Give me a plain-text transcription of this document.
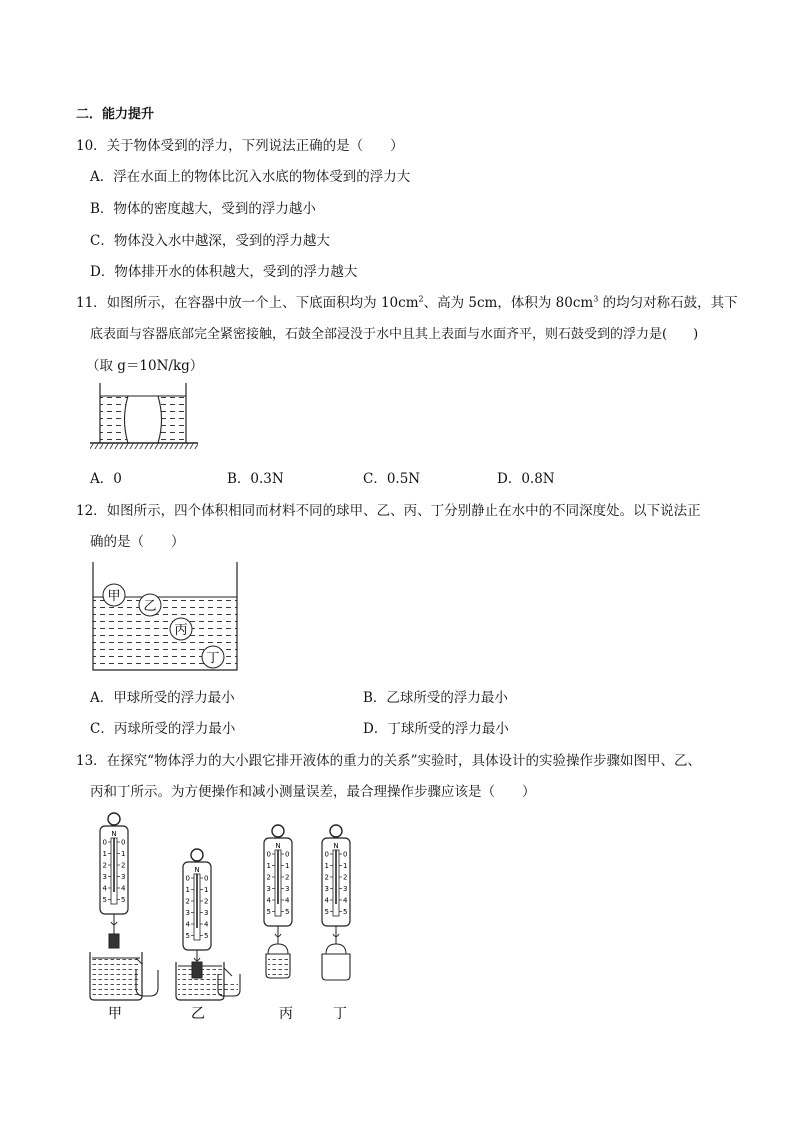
二．能力提升
10．关于物体受到的浮力，下列说法正确的是（　　）
A．浮在水面上的物体比沉入水底的物体受到的浮力大
B．物体的密度越大，受到的浮力越小
C．物体没入水中越深，受到的浮力越大
D．物体排开水的体积越大，受到的浮力越大
11．如图所示，在容器中放一个上、下底面积均为 $10cm^2$、高为 5cm，体积为 $80cm^3$ 的均匀对称石鼓，其下
底表面与容器底部完全紧密接触，石鼓全部浸没于水中且其上表面与水面齐平，则石鼓受到的浮力是(　　)
（取 g＝10N/kg）
A．0	B．0.3N	C．0.5N	D．0.8N
12．如图所示，四个体积相同而材料不同的球甲、乙、丙、丁分别静止在水中的不同深度处。以下说法正
确的是（　　）
甲
乙
丙
丁
A．甲球所受的浮力最小	B．乙球所受的浮力最小
C．丙球所受的浮力最小	D．丁球所受的浮力最小
13．在探究“物体浮力的大小跟它排开液体的重力的关系”实验时，具体设计的实验操作步骤如图甲、乙、
丙和丁所示。为方便操作和减小测量误差，最合理操作步骤应该是（　　）
N
0 0
1 1
2 2
3 3
4 4
5 5
N
0 0
1 1
2 2
3 3
4 4
5 5
N
0 0
1 1
2 2
3 3
4 4
5 5
N
0 0
1 1
2 2
3 3
4 4
5 5
甲	乙	丙	丁
